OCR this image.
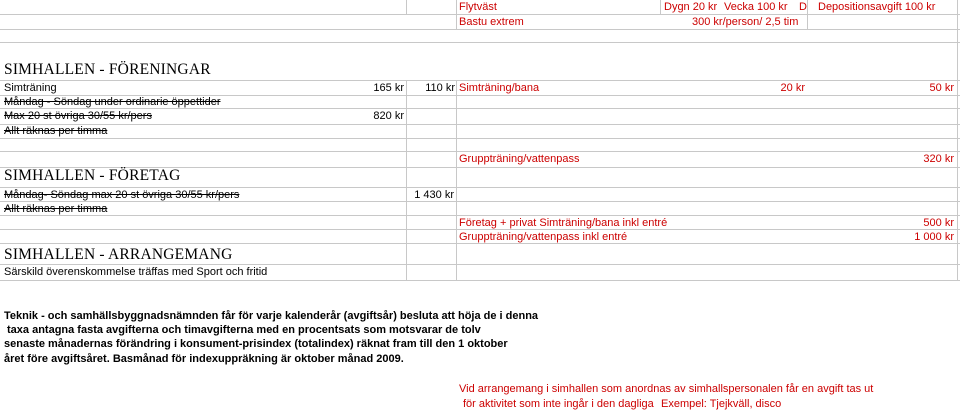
Flytväst	Dygn 20 kr Vecka 100 kr D Depositionsavgift 100 kr
Bastu extrem	300 kr/person/ 2,5 tim
SIMHALLEN - FÖRENINGAR
Simträning	165 kr	110 kr Simträning/bana	20 kr	50 kr
Måndag - Söndag under ordinarie öppettider
Max 20 st övriga 30/55 kr/pers	820 kr
Allt räknas per timma
Gruppträning/vattenpass	320 kr
SIMHALLEN - FÖRETAG
Måndag- Söndag max 20 st övriga 30/55 kr/pers	1 430 kr
Allt räknas per timma
Företag + privat Simträning/bana inkl entré	500 kr
Gruppträning/vattenpass inkl entré	1 000 kr
SIMHALLEN - ARRANGEMANG
Särskild överenskommelse träffas med Sport och fritid
Teknik - och samhällsbyggnadsnämnden får för varje kalenderår (avgiftsår) besluta att höja de i denna
taxa antagna fasta avgifterna och timavgifterna med en procentsats som motsvarar de tolv
senaste månadernas förändring i konsument-prisindex (totalindex) räknat fram till den 1 oktober
året före avgiftsåret. Basmånad för indexuppräkning är oktober månad 2009.
Vid arrangemang i simhallen som anordnas av simhallspersonalen får en avgift tas ut
för aktivitet som inte ingår i den dagliga Exempel: Tjejkväll, disco
